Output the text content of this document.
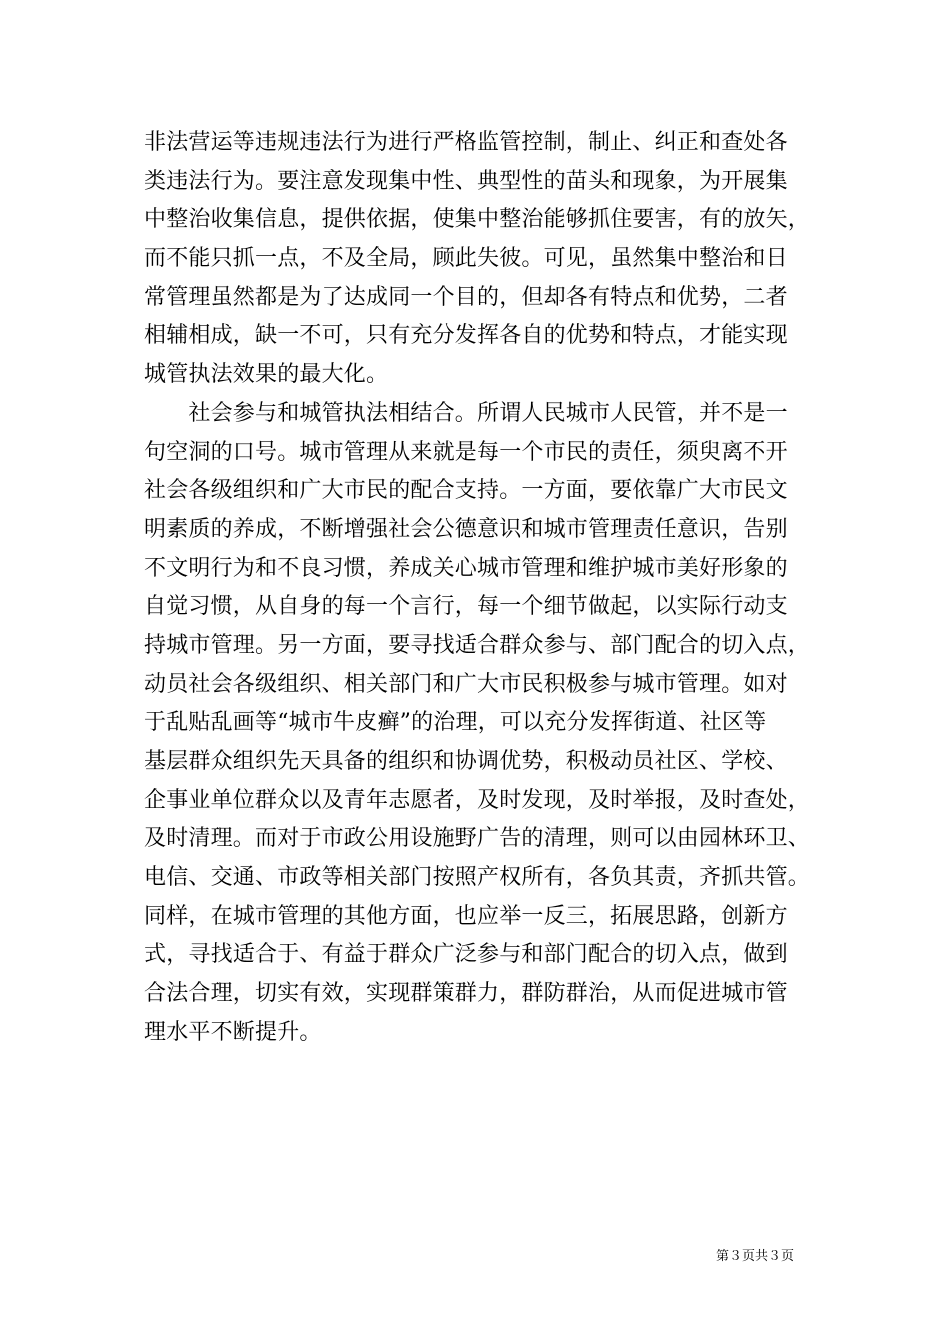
非法营运等违规违法行为进行严格监管控制，制止、纠正和查处各
类违法行为。要注意发现集中性、典型性的苗头和现象，为开展集
中整治收集信息，提供依据，使集中整治能够抓住要害，有的放矢，
而不能只抓一点，不及全局，顾此失彼。可见，虽然集中整治和日
常管理虽然都是为了达成同一个目的，但却各有特点和优势，二者
相辅相成，缺一不可，只有充分发挥各自的优势和特点，才能实现
城管执法效果的最大化。
　　社会参与和城管执法相结合。所谓人民城市人民管，并不是一
句空洞的口号。城市管理从来就是每一个市民的责任，须臾离不开
社会各级组织和广大市民的配合支持。一方面，要依靠广大市民文
明素质的养成，不断增强社会公德意识和城市管理责任意识，告别
不文明行为和不良习惯，养成关心城市管理和维护城市美好形象的
自觉习惯，从自身的每一个言行，每一个细节做起，以实际行动支
持城市管理。另一方面，要寻找适合群众参与、部门配合的切入点，
动员社会各级组织、相关部门和广大市民积极参与城市管理。如对
于乱贴乱画等“城市牛皮癣”的治理，可以充分发挥街道、社区等
基层群众组织先天具备的组织和协调优势，积极动员社区、学校、
企事业单位群众以及青年志愿者，及时发现，及时举报，及时查处，
及时清理。而对于市政公用设施野广告的清理，则可以由园林环卫、
电信、交通、市政等相关部门按照产权所有，各负其责，齐抓共管。
同样，在城市管理的其他方面，也应举一反三，拓展思路，创新方
式，寻找适合于、有益于群众广泛参与和部门配合的切入点，做到
合法合理，切实有效，实现群策群力，群防群治，从而促进城市管
理水平不断提升。
第３页共３页
